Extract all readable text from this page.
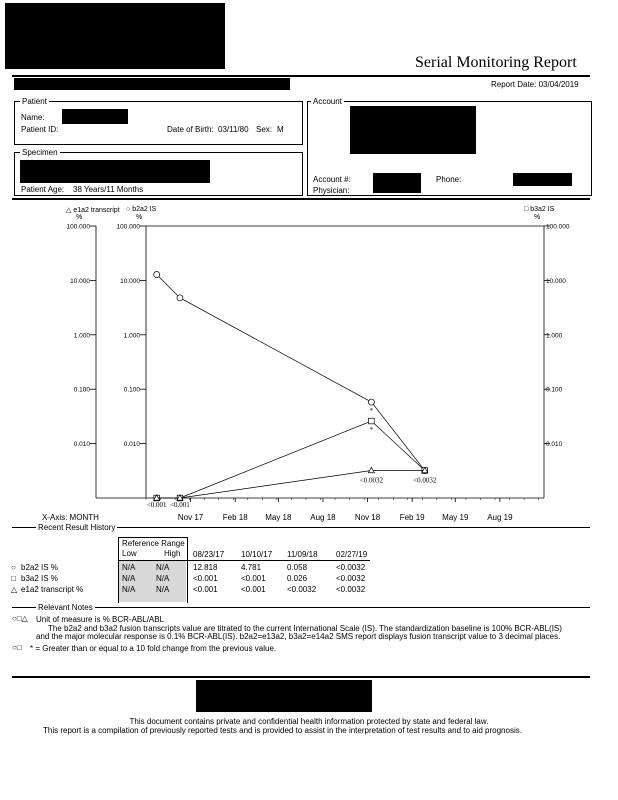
Serial Monitoring Report
Report Date: 03/04/2019
Patient
Name:
Patient ID:	Date of Birth: 03/11/80 Sex: M
Specimen
Patient Age: 38 Years/11 Months
Account
Account #:	Phone:
Physician:
△ e1a2 transcript
%
○ b2a2 IS
%
□ b3a2 IS
%
100.000	100.000	100.000
10.000	10.000	10.000
1.000	1.000	1.000
0.100	0.100	0.100
0.010	0.010	0.010
Nov 17 Feb 18 May 18 Aug 18 Nov 18 Feb 19 May 19 Aug 19
X-Axis: MONTH
<0.001 <0.001
<0.0032	<0.0032
*
*
Recent Result History
Reference Range
Low	High 08/23/17 10/10/17 11/09/18 02/27/19
○ b2a2 IS %	N/A	N/A	12.818	4.781	0.058	<0.0032
□ b3a2 IS %	N/A	N/A	<0.001	<0.001	0.026	<0.0032
△ e1a2 transcript %	N/A	N/A	<0.001	<0.001	<0.0032 <0.0032
Relevant Notes
○□△ Unit of measure is % BCR-ABL/ABL
The b2a2 and b3a2 fusion transcripts value are titrated to the current International Scale (IS). The standardization baseline is 100% BCR-ABL(IS)
and the major molecular response is 0.1% BCR-ABL(IS). b2a2=e13a2, b3a2=e14a2 SMS report displays fusion transcript value to 3 decimal places.
○□ * = Greater than or equal to a 10 fold change from the previous value.
This document contains private and confidential health information protected by state and federal law.
This report is a compilation of previously reported tests and is provided to assist in the interpretation of test results and to aid prognosis.
